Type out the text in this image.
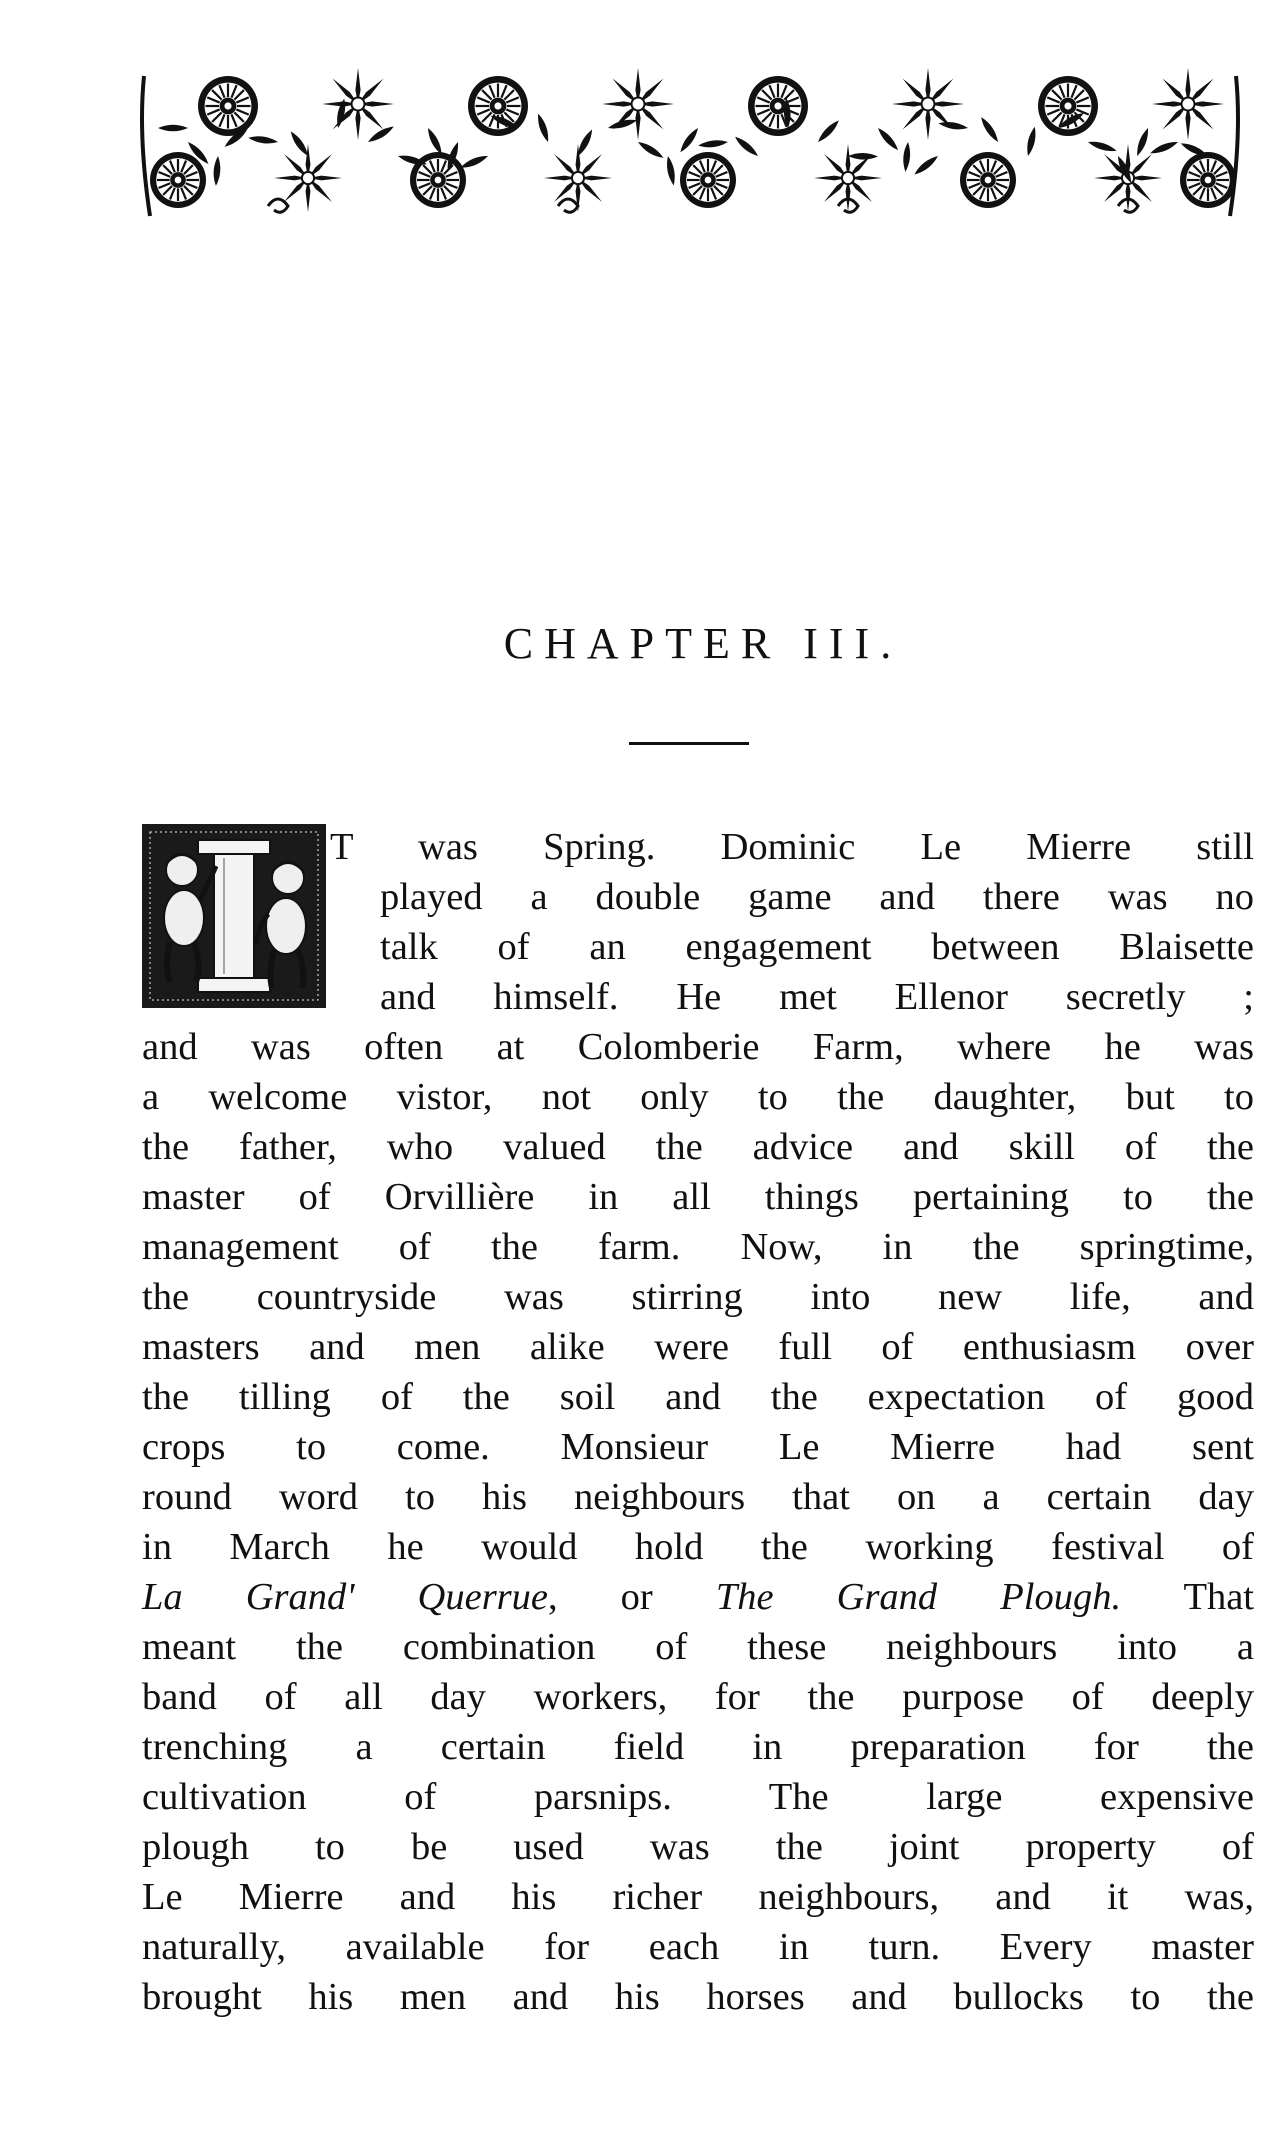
CHAPTER III.
T was Spring. Dominic Le Mierre still
played a double game and there was no
talk of an engagement between Blaisette
and himself. He met Ellenor secretly ;
and was often at Colomberie Farm, where he was
a welcome vistor, not only to the daughter, but to
the father, who valued the advice and skill of the
master of Orvillière in all things pertaining to the
management of the farm. Now, in the springtime,
the countryside was stirring into new life, and
masters and men alike were full of enthusiasm over
the tilling of the soil and the expectation of good
crops to come. Monsieur Le Mierre had sent
round word to his neighbours that on a certain day
in March he would hold the working festival of
La Grand' Querrue, or The Grand Plough. That
meant the combination of these neighbours into a
band of all day workers, for the purpose of deeply
trenching a certain field in preparation for the
cultivation of parsnips. The large expensive
plough to be used was the joint property of
Le Mierre and his richer neighbours, and it was,
naturally, available for each in turn. Every master
brought his men and his horses and bullocks to the
